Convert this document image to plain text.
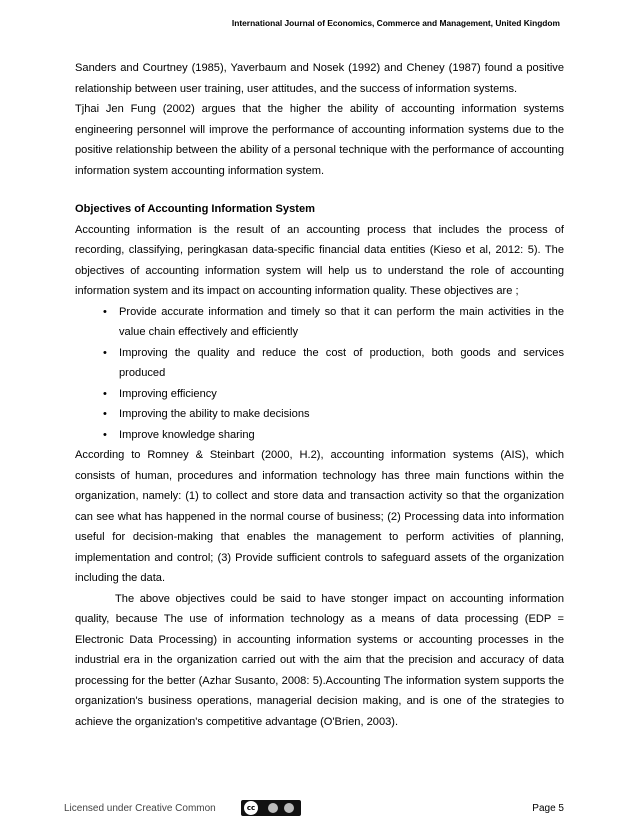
International Journal of Economics, Commerce and Management, United Kingdom

Sanders and Courtney (1985), Yaverbaum and Nosek (1992) and Cheney (1987) found a positive relationship between user training, user attitudes, and the success of information systems.

Tjhai Jen Fung (2002) argues that the higher the ability of accounting information systems engineering personnel will improve the performance of accounting information systems due to the positive relationship between the ability of a personal technique with the performance of accounting information system accounting information system.

Objectives of Accounting Information System

Accounting information is the result of an accounting process that includes the process of recording, classifying, peringkasan data-specific financial data entities (Kieso et al, 2012: 5). The objectives of accounting information system will help us to understand the role of accounting information system and its impact on accounting information quality. These objectives are ;

• Provide accurate information and timely so that it can perform the main activities in the value chain effectively and efficiently
• Improving the quality and reduce the cost of production, both goods and services produced
• Improving efficiency
• Improving the ability to make decisions
• Improve knowledge sharing

According to Romney & Steinbart (2000, H.2), accounting information systems (AIS), which consists of human, procedures and information technology has three main functions within the organization, namely: (1) to collect and store data and transaction activity so that the organization can see what has happened in the normal course of business; (2) Processing data into information useful for decision-making that enables the management to perform activities of planning, implementation and control; (3) Provide sufficient controls to safeguard assets of the organization including the data.

The above objectives could be said to have stonger impact on accounting information quality, because The use of information technology as a means of data processing (EDP = Electronic Data Processing) in accounting information systems or accounting processes in the industrial era in the organization carried out with the aim that the precision and accuracy of data processing for the better (Azhar Susanto, 2008: 5).Accounting The information system supports the organization's business operations, managerial decision making, and is one of the strategies to achieve the organization's competitive advantage (O'Brien, 2003).

Licensed under Creative Common	cc	Page 5
